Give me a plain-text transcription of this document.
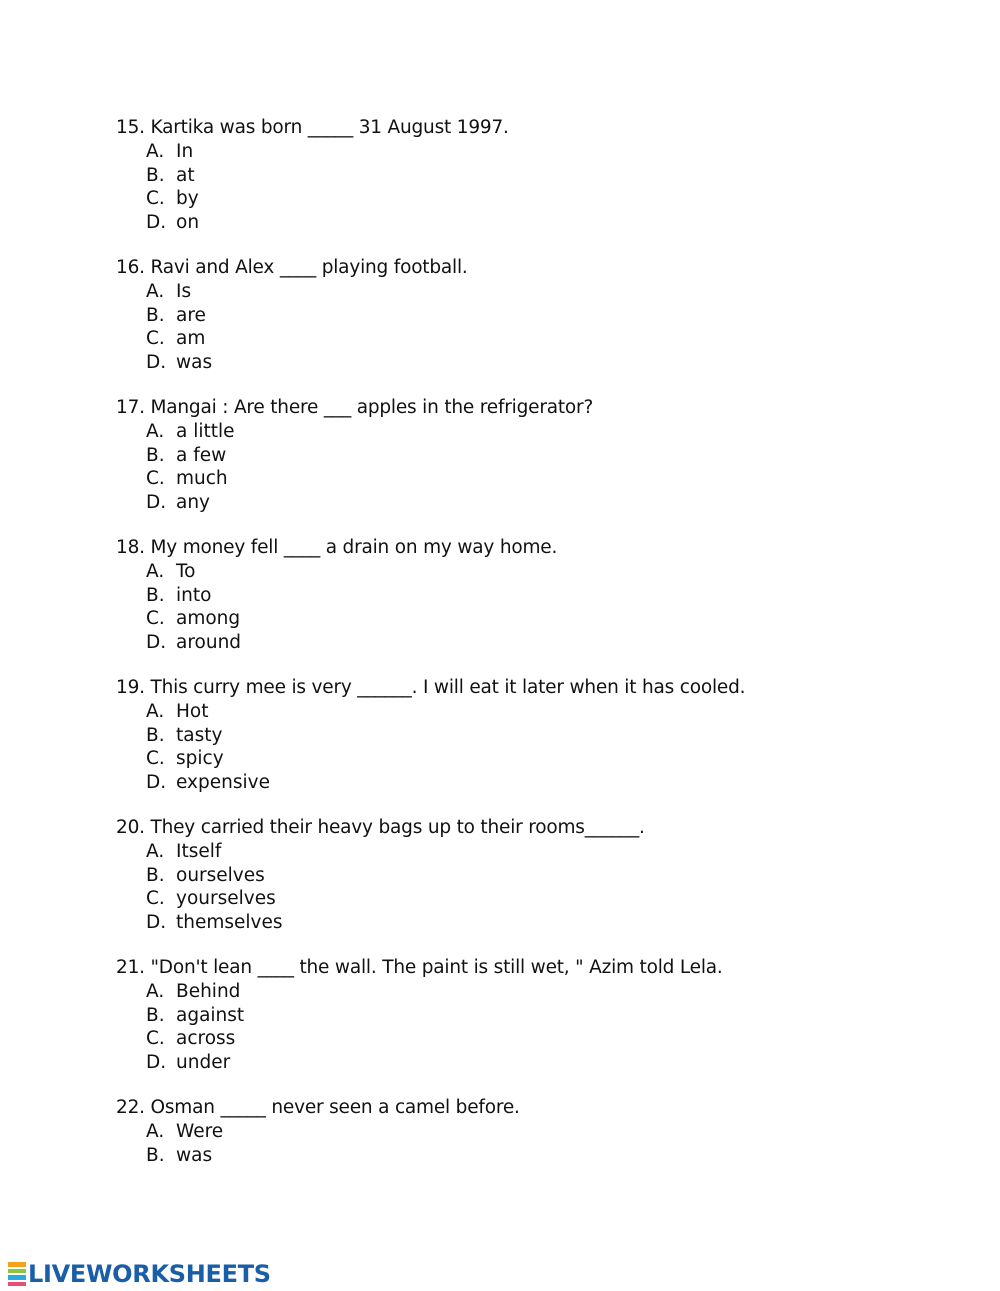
15. Kartika was born _____ 31 August 1997.
A. In
B. at
C. by
D. on
16. Ravi and Alex ____ playing football.
A. Is
B. are
C. am
D. was
17. Mangai : Are there ___ apples in the refrigerator?
A. a little
B. a few
C. much
D. any
18. My money fell ____ a drain on my way home.
A. To
B. into
C. among
D. around
19. This curry mee is very ______. I will eat it later when it has cooled.
A. Hot
B. tasty
C. spicy
D. expensive
20. They carried their heavy bags up to their rooms______.
A. Itself
B. ourselves
C. yourselves
D. themselves
21. "Don't lean ____ the wall. The paint is still wet, " Azim told Lela.
A. Behind
B. against
C. across
D. under
22. Osman _____ never seen a camel before.
A. Were
B. was
LIVEWORKSHEETS
